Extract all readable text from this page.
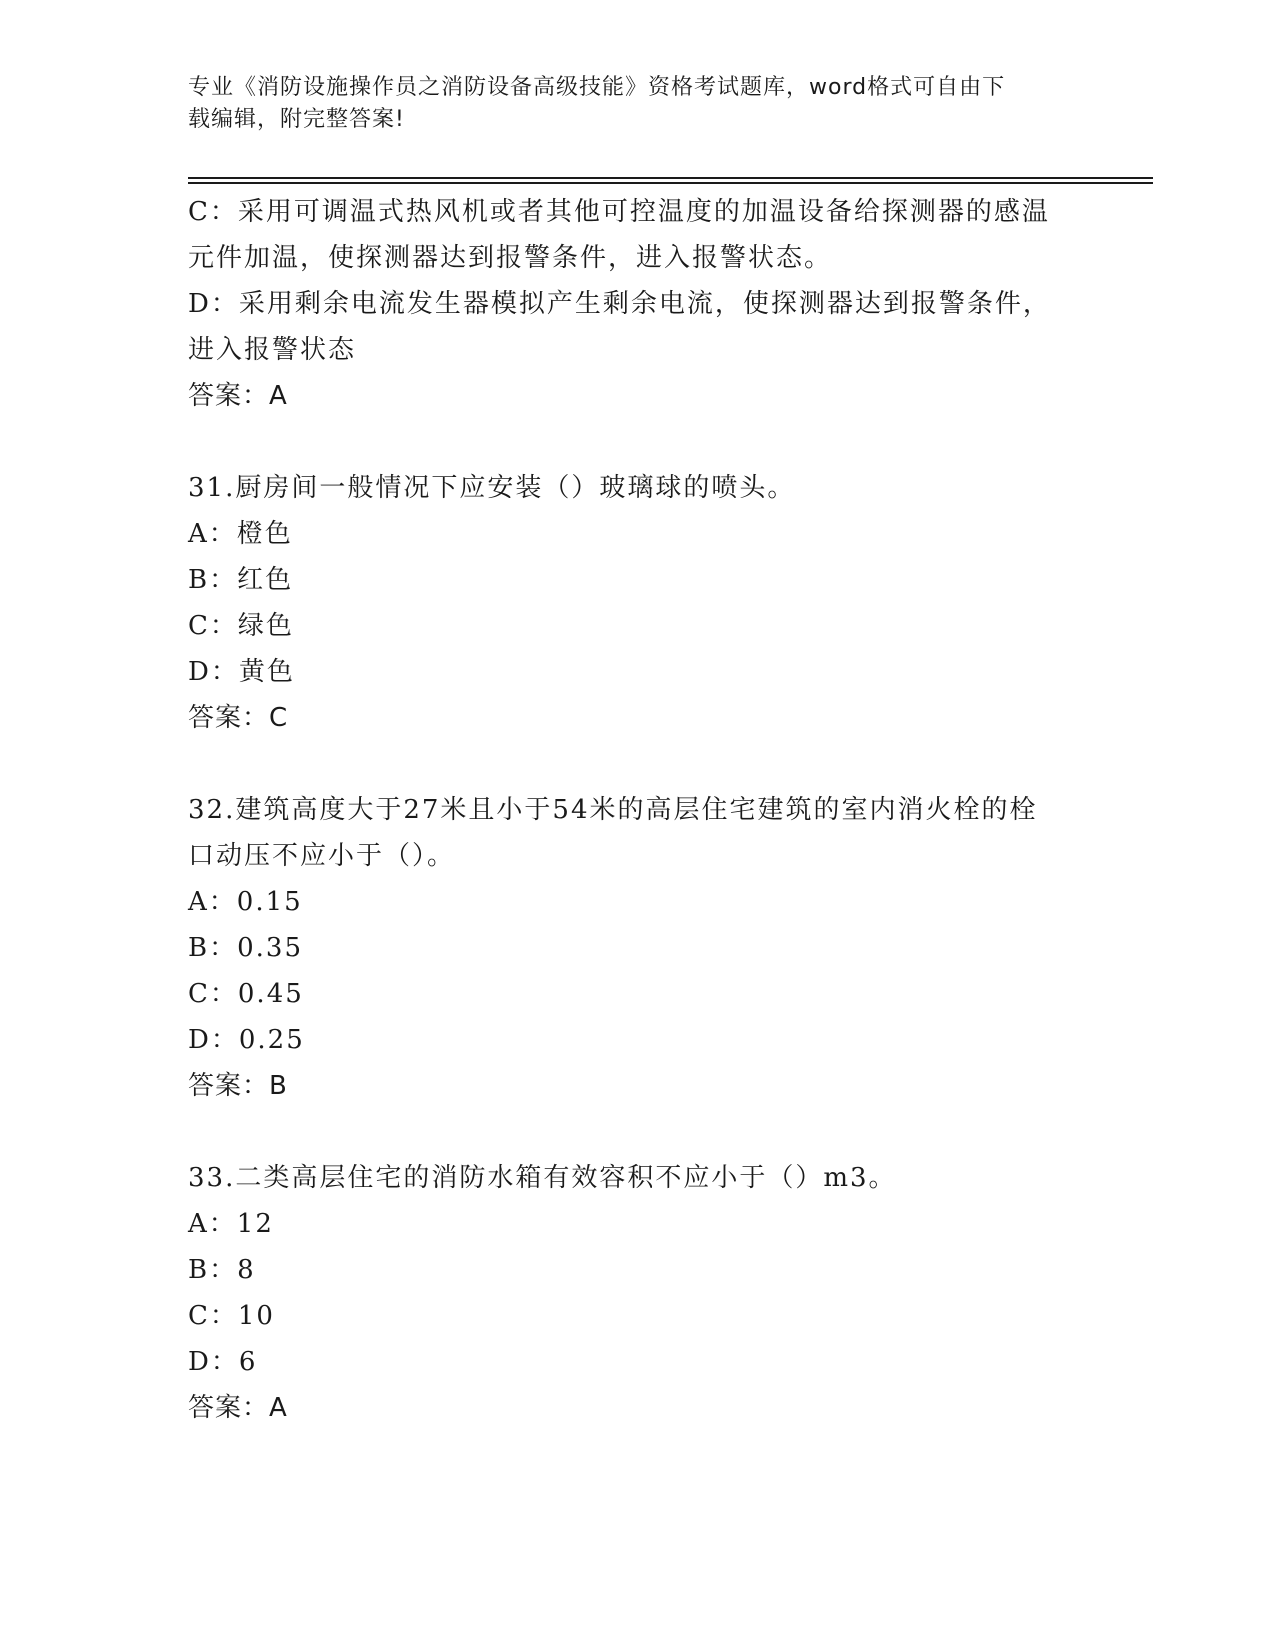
专业《消防设施操作员之消防设备高级技能》资格考试题库，word格式可自由下
载编辑，附完整答案!

C：采用可调温式热风机或者其他可控温度的加温设备给探测器的感温

元件加温，使探测器达到报警条件，进入报警状态。

D：采用剩余电流发生器模拟产生剩余电流，使探测器达到报警条件，

进入报警状态

答案：A

31.厨房间一般情况下应安装（）玻璃球的喷头。

A：橙色

B：红色

C：绿色

D：黄色

答案：C

32.建筑高度大于27米且小于54米的高层住宅建筑的室内消火栓的栓

口动压不应小于（）。

A：0.15

B：0.35

C：0.45

D：0.25

答案：B

33.二类高层住宅的消防水箱有效容积不应小于（）m3。

A：12

B：8

C：10

D：6

答案：A
